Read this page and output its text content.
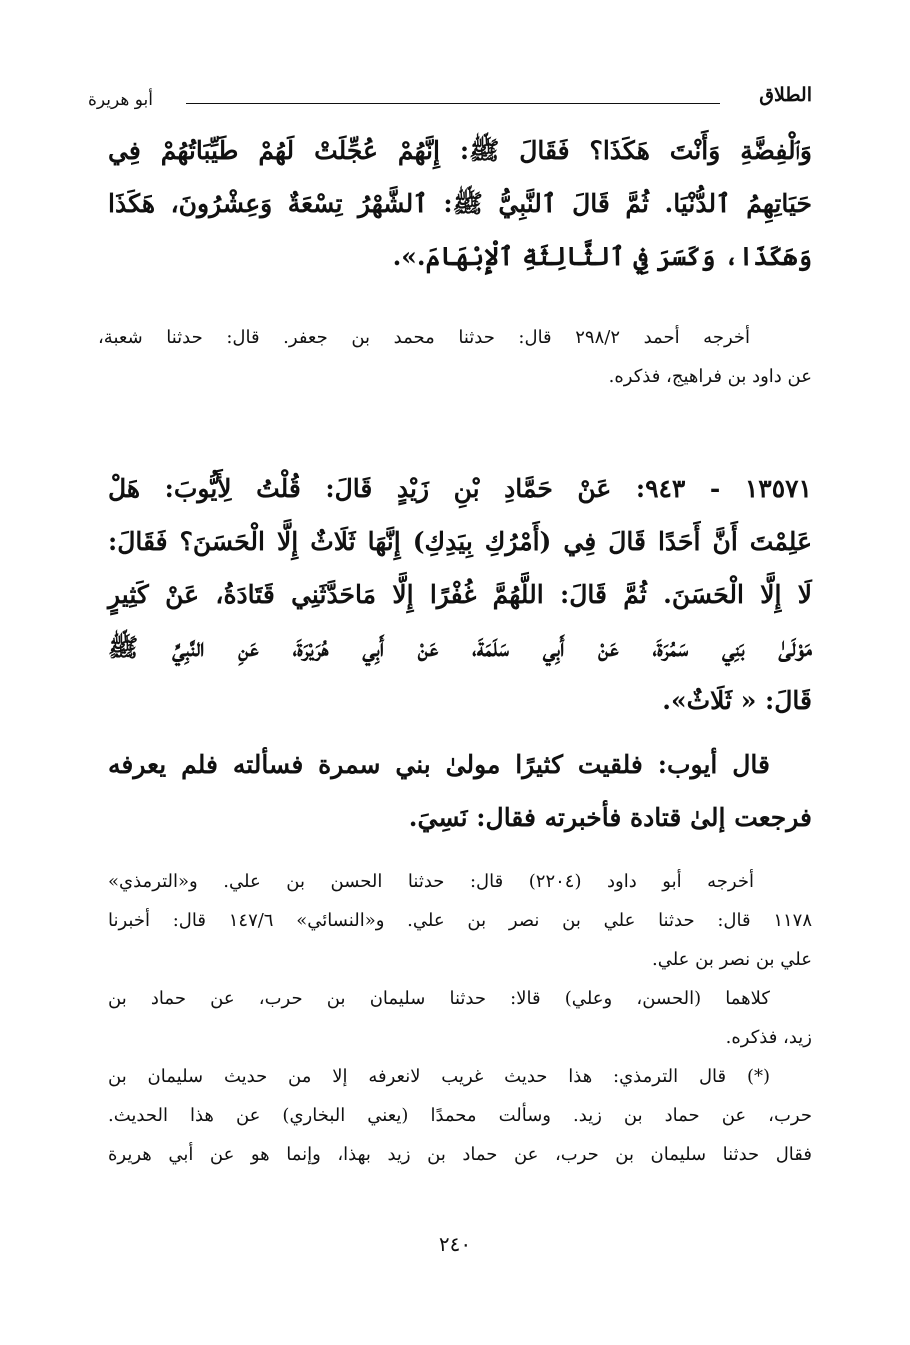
الطلاق
أبو هريرة
وَٱلْفِضَّةِ وَأَنْتَ هَكَذَا؟ فَقَالَ ﷺ: إِنَّهُمْ عُجِّلَتْ لَهُمْ طَيِّبَاتُهُمْ فِي
حَيَاتِهِمُ ٱلدُّنْيَا. ثُمَّ قَالَ ٱلنَّبِيُّ ﷺ: ٱلشَّهْرُ تِسْعَةٌ وَعِشْرُونَ، هَكَذَا
وَهَكَذَا، وَكَسَرَ فِي ٱلثَّالِثَةِ ٱلْإِبْهَامَ.».
أخرجه أحمد ٢٩٨/٢ قال: حدثنا محمد بن جعفر. قال: حدثنا شعبة،
عن داود بن فراهيج، فذكره.
١٣٥٧١ - ٩٤٣: عَنْ حَمَّادِ بْنِ زَيْدٍ قَالَ: قُلْتُ لِأَيُّوبَ: هَلْ
عَلِمْتَ أَنَّ أَحَدًا قَالَ فِي (أَمْرُكِ بِيَدِكِ) إِنَّهَا ثَلَاثٌ إِلَّا الْحَسَنَ؟ فَقَالَ:
لَا إِلَّا الْحَسَنَ. ثُمَّ قَالَ: اللَّهُمَّ غُفْرًا إِلَّا مَاحَدَّثَنِي قَتَادَةُ، عَنْ كَثِيرٍ
مَوْلَىٰ بَنِي سَمُرَةَ، عَنْ أَبِي سَلَمَةَ، عَنْ أَبِي هُرَيْرَةَ، عَنِ النَّبِيِّ ﷺ
قَالَ: « ثَلَاثٌ».
قال أيوب: فلقيت كثيرًا مولىٰ بني سمرة فسألته فلم يعرفه
فرجعت إلىٰ قتادة فأخبرته فقال: نَسِيَ.
أخرجه أبو داود (٢٢٠٤) قال: حدثنا الحسن بن علي. و«الترمذي»
١١٧٨ قال: حدثنا علي بن نصر بن علي. و«النسائي» ١٤٧/٦ قال: أخبرنا
علي بن نصر بن علي.
كلاهما (الحسن، وعلي) قالا: حدثنا سليمان بن حرب، عن حماد بن
زيد، فذكره.
(*) قال الترمذي: هذا حديث غريب لانعرفه إلا من حديث سليمان بن
حرب، عن حماد بن زيد. وسألت محمدًا (يعني البخاري) عن هذا الحديث.
فقال حدثنا سليمان بن حرب، عن حماد بن زيد بهذا، وإنما هو عن أبي هريرة
٢٤٠
